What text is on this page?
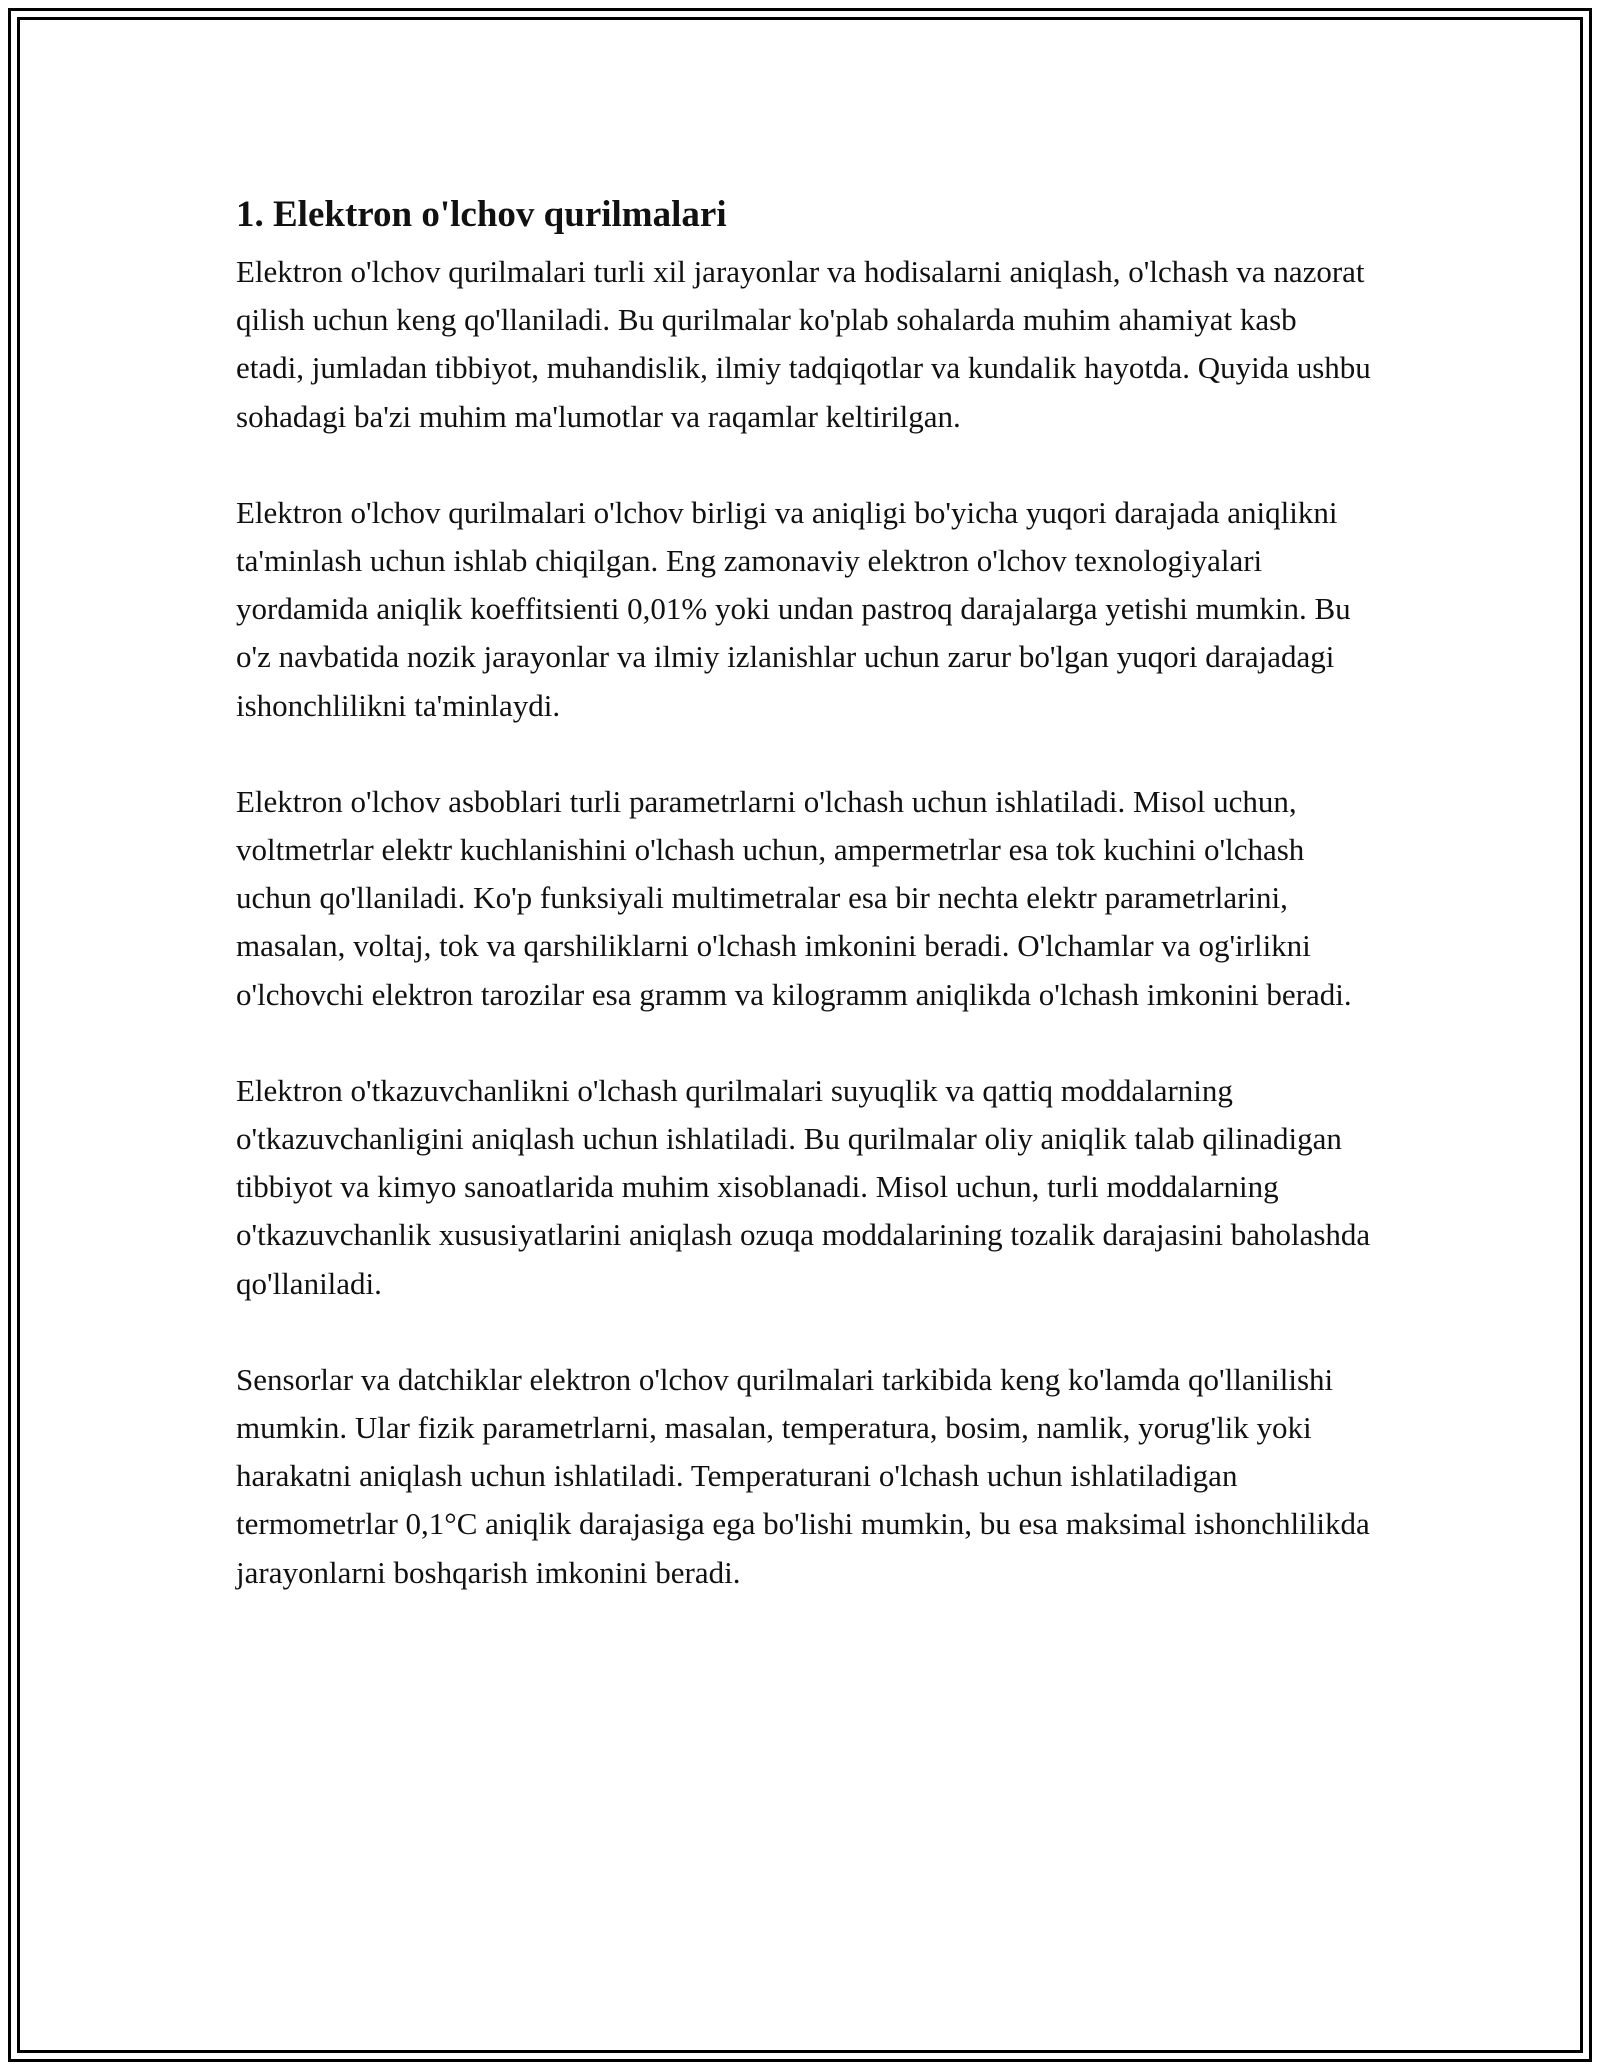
1. Elektron o'lchov qurilmalari

Elektron o'lchov qurilmalari turli xil jarayonlar va hodisalarni aniqlash, o'lchash va nazorat qilish uchun keng qo'llaniladi. Bu qurilmalar ko'plab sohalarda muhim ahamiyat kasb etadi, jumladan tibbiyot, muhandislik, ilmiy tadqiqotlar va kundalik hayotda. Quyida ushbu sohadagi ba'zi muhim ma'lumotlar va raqamlar keltirilgan.

Elektron o'lchov qurilmalari o'lchov birligi va aniqligi bo'yicha yuqori darajada aniqlikni ta'minlash uchun ishlab chiqilgan. Eng zamonaviy elektron o'lchov texnologiyalari yordamida aniqlik koeffitsienti 0,01% yoki undan pastroq darajalarga yetishi mumkin. Bu o'z navbatida nozik jarayonlar va ilmiy izlanishlar uchun zarur bo'lgan yuqori darajadagi ishonchlilikni ta'minlaydi.

Elektron o'lchov asboblari turli parametrlarni o'lchash uchun ishlatiladi. Misol uchun, voltmetrlar elektr kuchlanishini o'lchash uchun, ampermetrlar esa tok kuchini o'lchash uchun qo'llaniladi. Ko'p funksiyali multimetralar esa bir nechta elektr parametrlarini, masalan, voltaj, tok va qarshiliklarni o'lchash imkonini beradi. O'lchamlar va og'irlikni o'lchovchi elektron tarozilar esa gramm va kilogramm aniqlikda o'lchash imkonini beradi.

Elektron o'tkazuvchanlikni o'lchash qurilmalari suyuqlik va qattiq moddalarning o'tkazuvchanligini aniqlash uchun ishlatiladi. Bu qurilmalar oliy aniqlik talab qilinadigan tibbiyot va kimyo sanoatlarida muhim xisoblanadi. Misol uchun, turli moddalarning o'tkazuvchanlik xususiyatlarini aniqlash ozuqa moddalarining tozalik darajasini baholashda qo'llaniladi.

Sensorlar va datchiklar elektron o'lchov qurilmalari tarkibida keng ko'lamda qo'llanilishi mumkin. Ular fizik parametrlarni, masalan, temperatura, bosim, namlik, yorug'lik yoki harakatni aniqlash uchun ishlatiladi. Temperaturani o'lchash uchun ishlatiladigan termometrlar 0,1°C aniqlik darajasiga ega bo'lishi mumkin, bu esa maksimal ishonchlilikda jarayonlarni boshqarish imkonini beradi.
